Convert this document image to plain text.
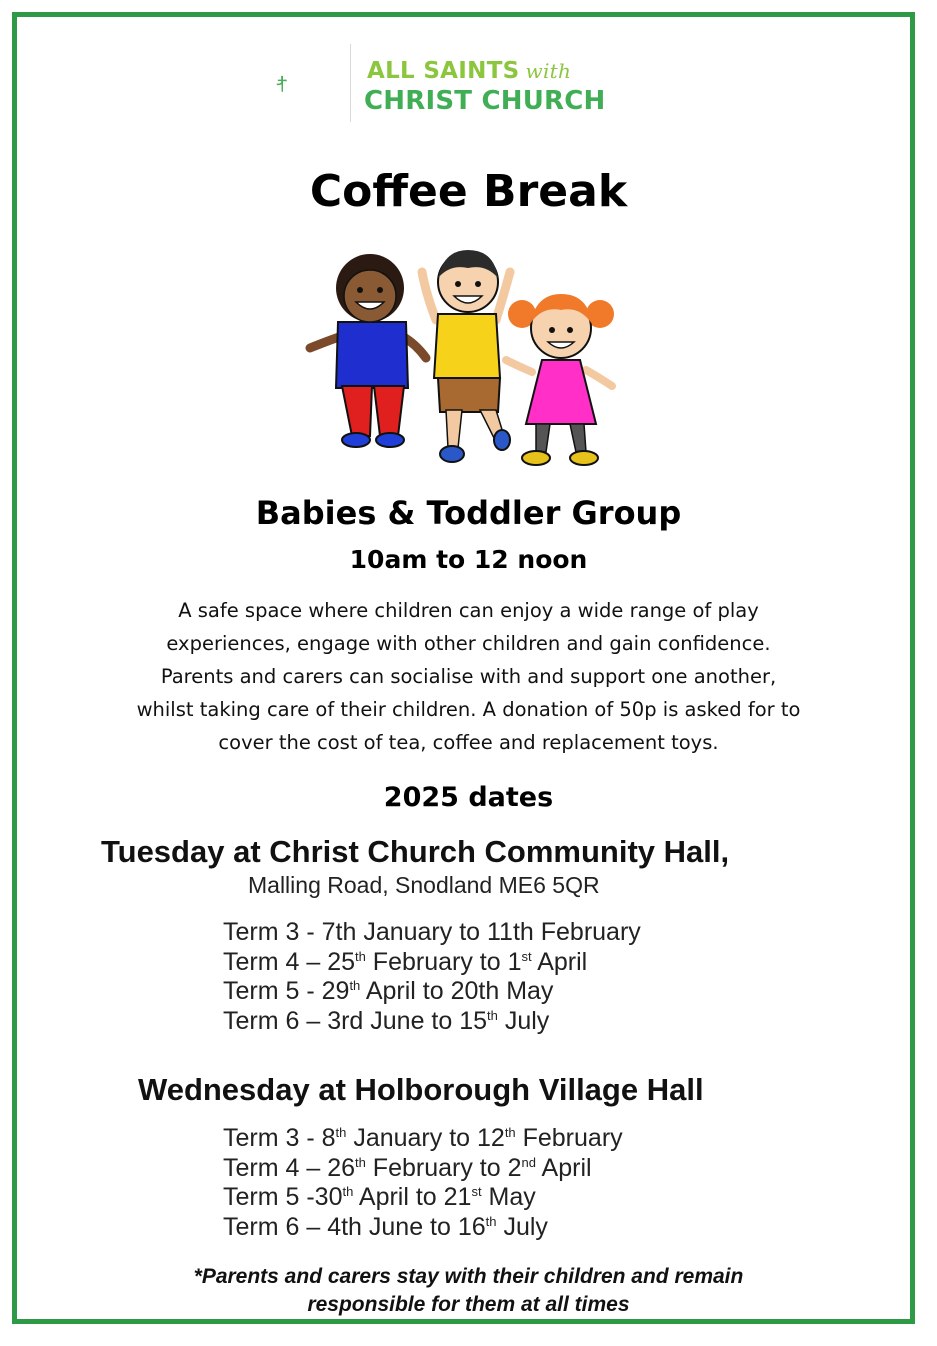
ALL SAINTS with
CHRIST CHURCH
Coffee Break
Babies & Toddler Group
10am to 12 noon
A safe space where children can enjoy a wide range of play
experiences, engage with other children and gain confidence.
Parents and carers can socialise with and support one another,
whilst taking care of their children. A donation of 50p is asked for to
cover the cost of tea, coffee and replacement toys.
2025 dates
Tuesday at Christ Church Community Hall,
Malling Road, Snodland ME6 5QR
Term 3 - 7th January to 11th February
Term 4 – 25th February to 1st April
Term 5 - 29th April to 20th May
Term 6 – 3rd June to 15th July
Wednesday at Holborough Village Hall
Term 3 - 8th January to 12th February
Term 4 – 26th February to 2nd April
Term 5 -30th April to 21st May
Term 6 – 4th June to 16th July
*Parents and carers stay with their children and remain
responsible for them at all times
